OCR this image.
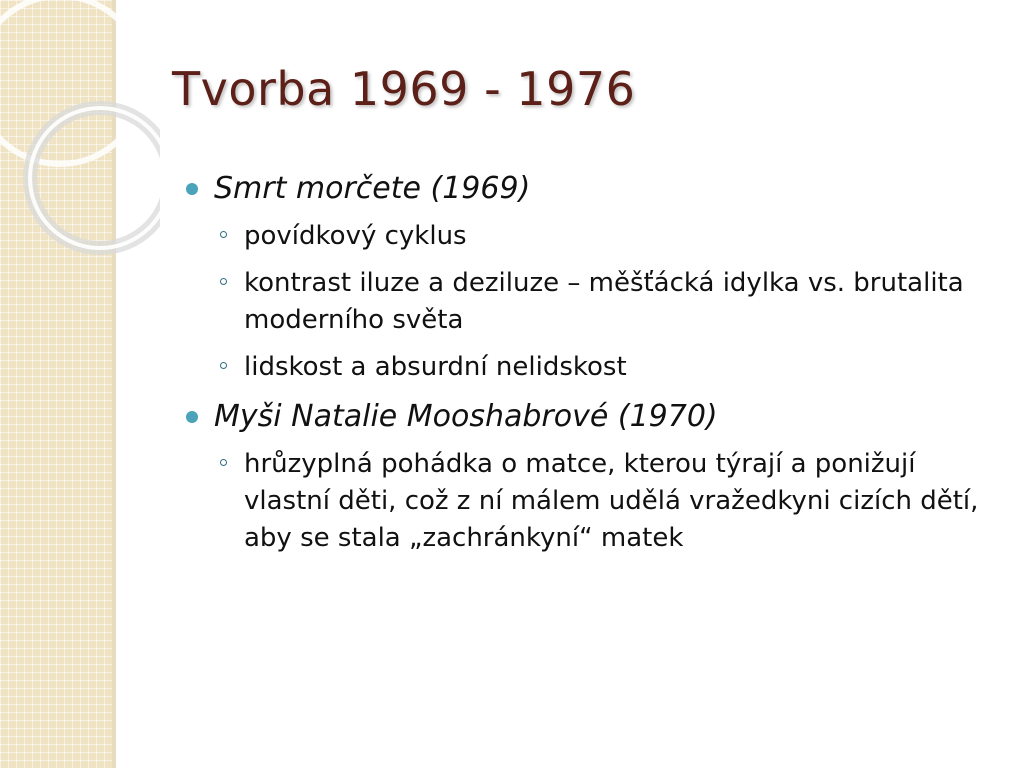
Tvorba 1969 - 1976
Smrt morčete (1969)
povídkový cyklus
kontrast iluze a deziluze – měšťácká idylka vs. brutalita moderního světa
lidskost a absurdní nelidskost
Myši Natalie Mooshabrové (1970)
hrůzyplná pohádka o matce, kterou týrají a ponižují vlastní děti, což z ní málem udělá vražedkyni cizích dětí, aby se stala „zachránkyní“ matek
